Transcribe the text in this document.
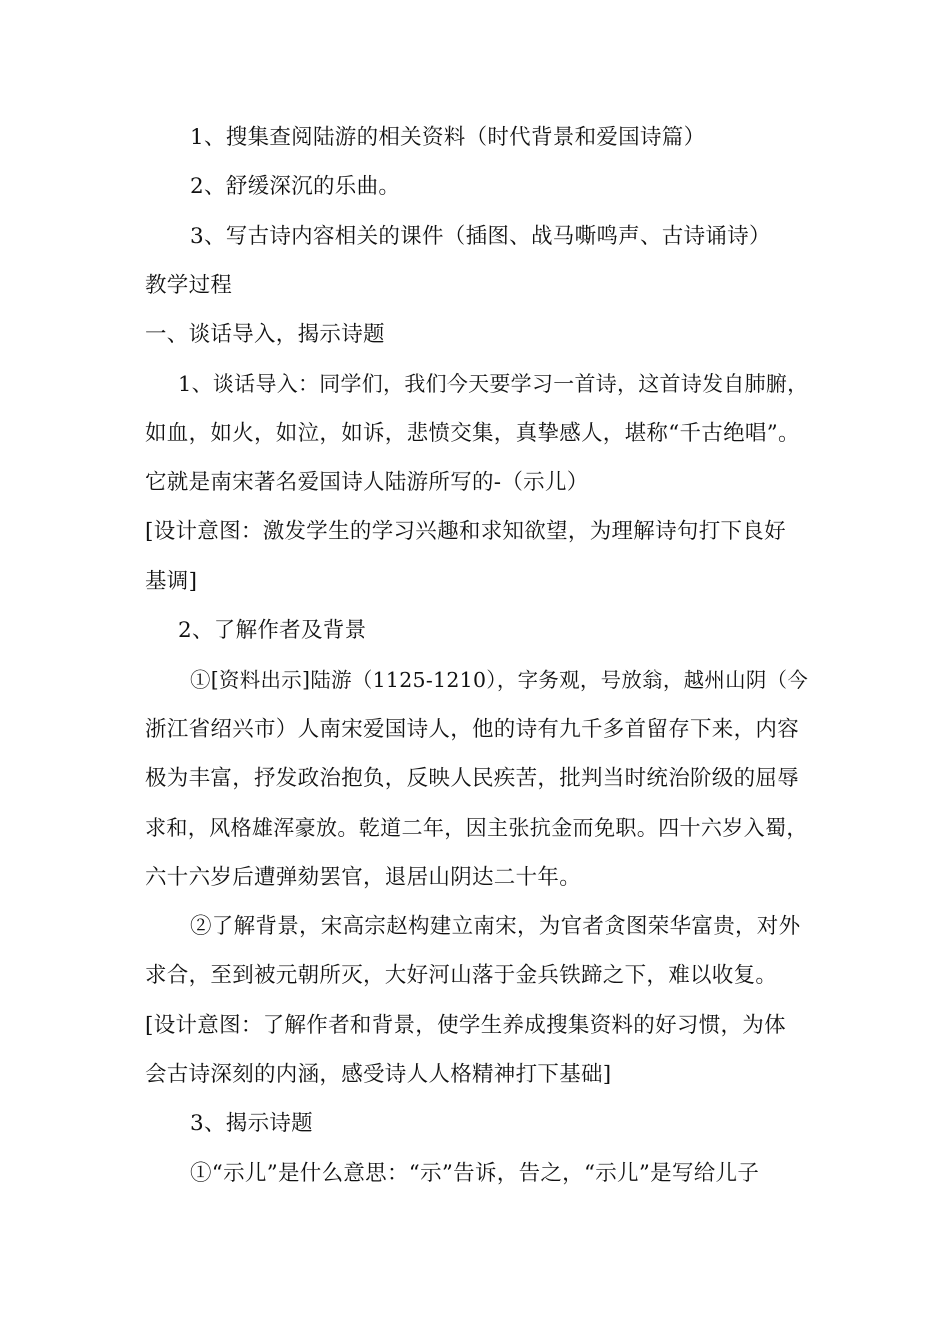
1、搜集查阅陆游的相关资料（时代背景和爱国诗篇）
2、舒缓深沉的乐曲。
3、写古诗内容相关的课件（插图、战马嘶鸣声、古诗诵诗）
教学过程
一、谈话导入，揭示诗题
1、谈话导入：同学们，我们今天要学习一首诗，这首诗发自肺腑，
如血，如火，如泣，如诉，悲愤交集，真挚感人，堪称“千古绝唱”。
它就是南宋著名爱国诗人陆游所写的-（示儿）
[设计意图：激发学生的学习兴趣和求知欲望，为理解诗句打下良好
基调]
2、了解作者及背景
①[资料出示]陆游（1125-1210），字务观，号放翁，越州山阴（今
浙江省绍兴市）人南宋爱国诗人，他的诗有九千多首留存下来，内容
极为丰富，抒发政治抱负，反映人民疾苦，批判当时统治阶级的屈辱
求和，风格雄浑豪放。乾道二年，因主张抗金而免职。四十六岁入蜀，
六十六岁后遭弹劾罢官，退居山阴达二十年。
②了解背景，宋高宗赵构建立南宋，为官者贪图荣华富贵，对外
求合，至到被元朝所灭，大好河山落于金兵铁蹄之下，难以收复。
[设计意图：了解作者和背景，使学生养成搜集资料的好习惯，为体
会古诗深刻的内涵，感受诗人人格精神打下基础]
3、揭示诗题
①“示儿”是什么意思：“示”告诉，告之，“示儿”是写给儿子
